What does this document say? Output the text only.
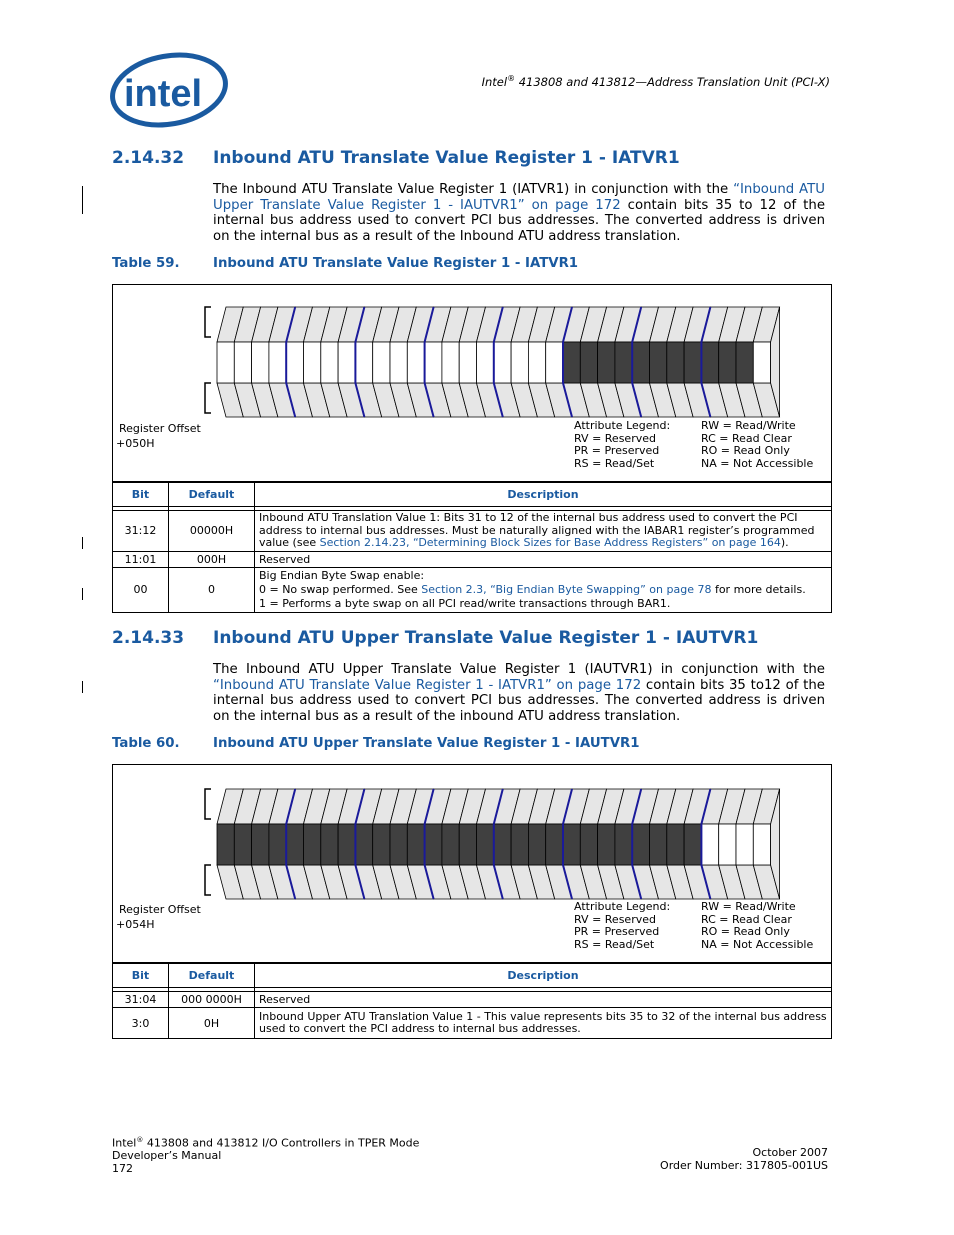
intel	Intel® 413808 and 413812—Address Translation Unit (PCI-X)
2.14.32 Inbound ATU Translate Value Register 1 - IATVR1
The Inbound ATU Translate Value Register 1 (IATVR1) in conjunction with the “Inbound ATU Upper Translate Value Register 1 - IAUTVR1” on page 172 contain bits 35 to 12 of the internal bus address used to convert PCI bus addresses. The converted address is driven on the internal bus as a result of the Inbound ATU address translation.
Table 59.	Inbound ATU Translate Value Register 1 - IATVR1
Register Offset
+050H
Attribute Legend:
RV = Reserved
PR = Preserved
RS = Read/Set
RW = Read/Write
RC = Read Clear
RO = Read Only
NA = Not Accessible
Bit	Default	Description

31:12	00000H	Inbound ATU Translation Value 1: Bits 31 to 12 of the internal bus address used to convert the PCI address to internal bus addresses. Must be naturally aligned with the IABAR1 register’s programmed value (see Section 2.14.23, “Determining Block Sizes for Base Address Registers” on page 164).
11:01	000H	Reserved
00	0	Big Endian Byte Swap enable:
0 = No swap performed. See Section 2.3, “Big Endian Byte Swapping” on page 78 for more details.
1 = Performs a byte swap on all PCI read/write transactions through BAR1.
2.14.33 Inbound ATU Upper Translate Value Register 1 - IAUTVR1
The Inbound ATU Upper Translate Value Register 1 (IAUTVR1) in conjunction with the “Inbound ATU Translate Value Register 1 - IATVR1” on page 172 contain bits 35 to12 of the internal bus address used to convert PCI bus addresses. The converted address is driven on the internal bus as a result of the inbound ATU address translation.
Table 60.	Inbound ATU Upper Translate Value Register 1 - IAUTVR1
Register Offset
+054H
Attribute Legend:
RV = Reserved
PR = Preserved
RS = Read/Set
RW = Read/Write
RC = Read Clear
RO = Read Only
NA = Not Accessible
Bit	Default	Description

31:04	000 0000H	Reserved
3:0	0H	Inbound Upper ATU Translation Value 1 - This value represents bits 35 to 32 of the internal bus address used to convert the PCI address to internal bus addresses.
Intel® 413808 and 413812 I/O Controllers in TPER Mode
Developer’s Manual
172
October 2007
Order Number: 317805-001US
